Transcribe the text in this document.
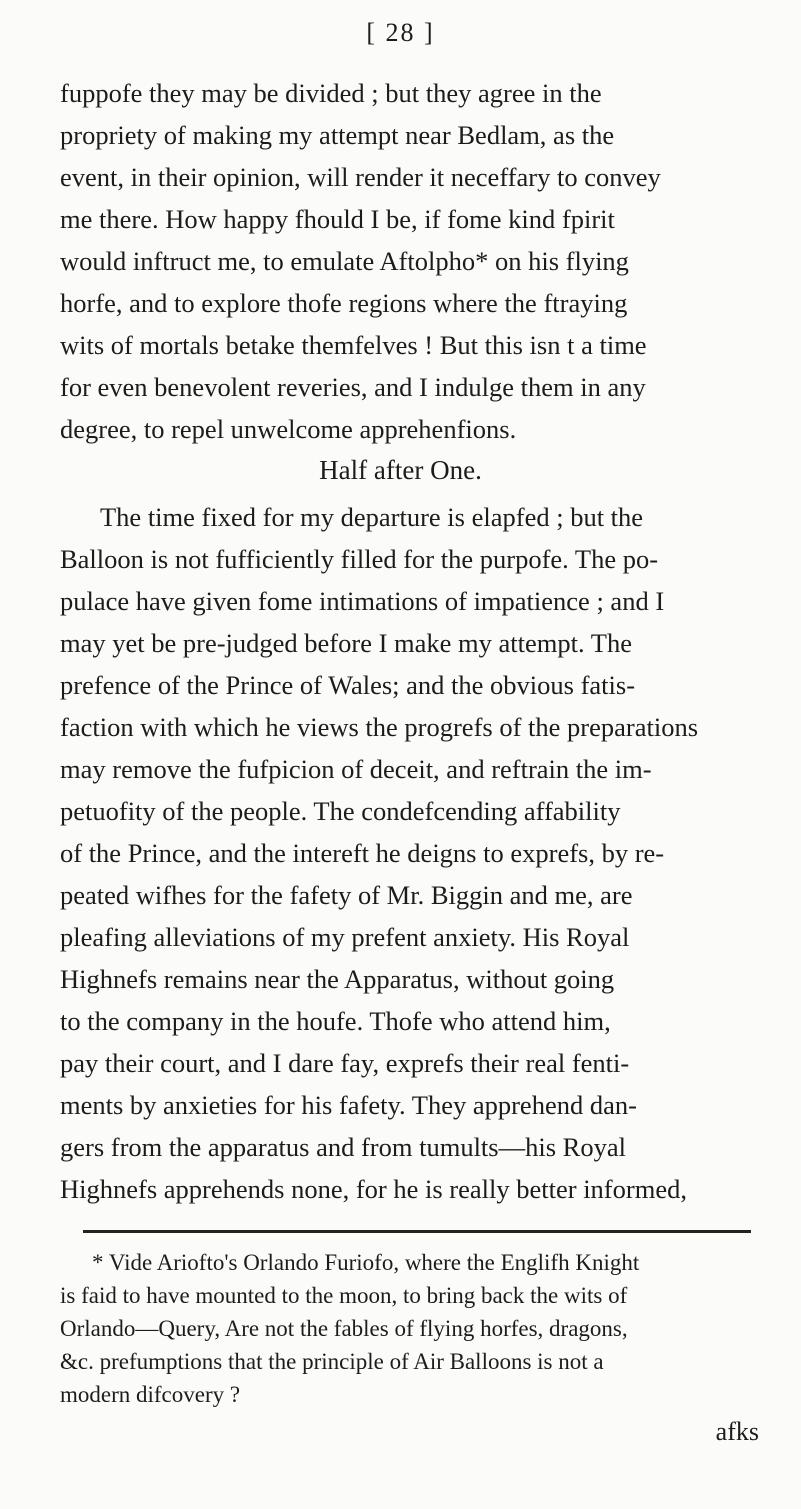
[ 28 ]
fuppofe they may be divided ; but they agree in the
propriety of making my attempt near Bedlam, as the
event, in their opinion, will render it neceffary to convey
me there. How happy fhould I be, if fome kind fpirit
would inftruct me, to emulate Aftolpho* on his flying
horfe, and to explore thofe regions where the ftraying
wits of mortals betake themfelves ! But this isn t a time
for even benevolent reveries, and I indulge them in any
degree, to repel unwelcome apprehenfions.
Half after One.
The time fixed for my departure is elapfed ; but the
Balloon is not fufficiently filled for the purpofe. The po-
pulace have given fome intimations of impatience ; and I
may yet be pre-judged before I make my attempt. The
prefence of the Prince of Wales; and the obvious fatis-
faction with which he views the progrefs of the preparations
may remove the fufpicion of deceit, and reftrain the im-
petuofity of the people. The condefcending affability
of the Prince, and the intereft he deigns to exprefs, by re-
peated wifhes for the fafety of Mr. Biggin and me, are
pleafing alleviations of my prefent anxiety. His Royal
Highnefs remains near the Apparatus, without going
to the company in the houfe. Thofe who attend him,
pay their court, and I dare fay, exprefs their real fenti-
ments by anxieties for his fafety. They apprehend dan-
gers from the apparatus and from tumults—his Royal
Highnefs apprehends none, for he is really better informed,
* Vide Ariofto's Orlando Furiofo, where the Englifh Knight
is faid to have mounted to the moon, to bring back the wits of
Orlando—Query, Are not the fables of flying horfes, dragons,
&c. prefumptions that the principle of Air Balloons is not a
modern difcovery ?
afks
